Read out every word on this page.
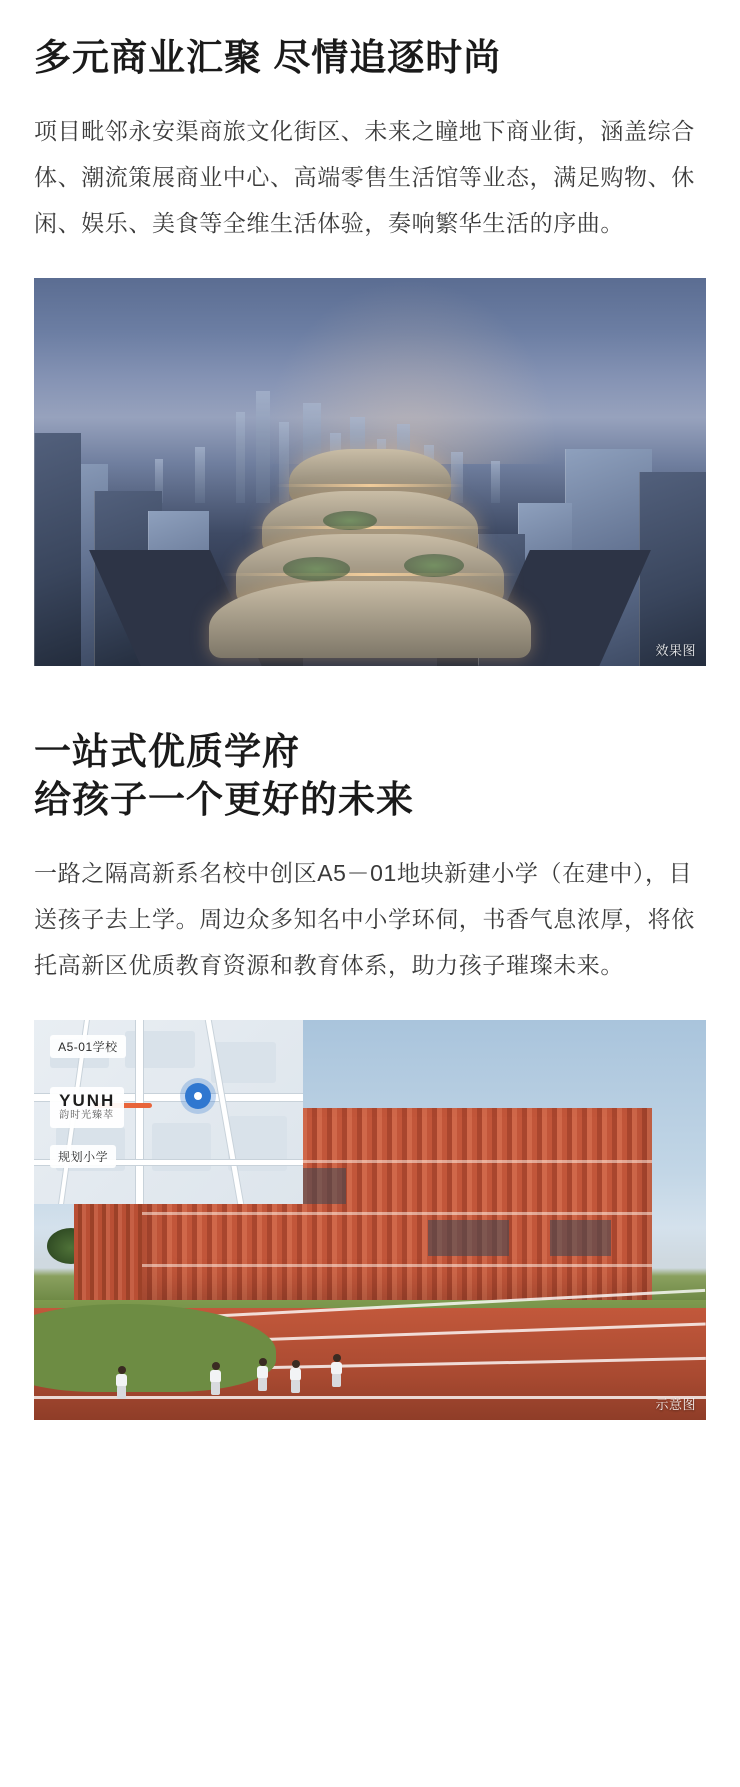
多元商业汇聚 尽情追逐时尚

项目毗邻永安渠商旅文化街区、未来之瞳地下商业街，涵盖综合体、潮流策展商业中心、高端零售生活馆等业态，满足购物、休闲、娱乐、美食等全维生活体验，奏响繁华生活的序曲。

效果图
一站式优质学府
给孩子一个更好的未来

一路之隔高新系名校中创区A5－01地块新建小学（在建中），目送孩子去上学。周边众多知名中小学环伺，书香气息浓厚，将依托高新区优质教育资源和教育体系，助力孩子璀璨未来。

A5-01学校
YUNH
韵时光臻萃
规划小学
示意图
